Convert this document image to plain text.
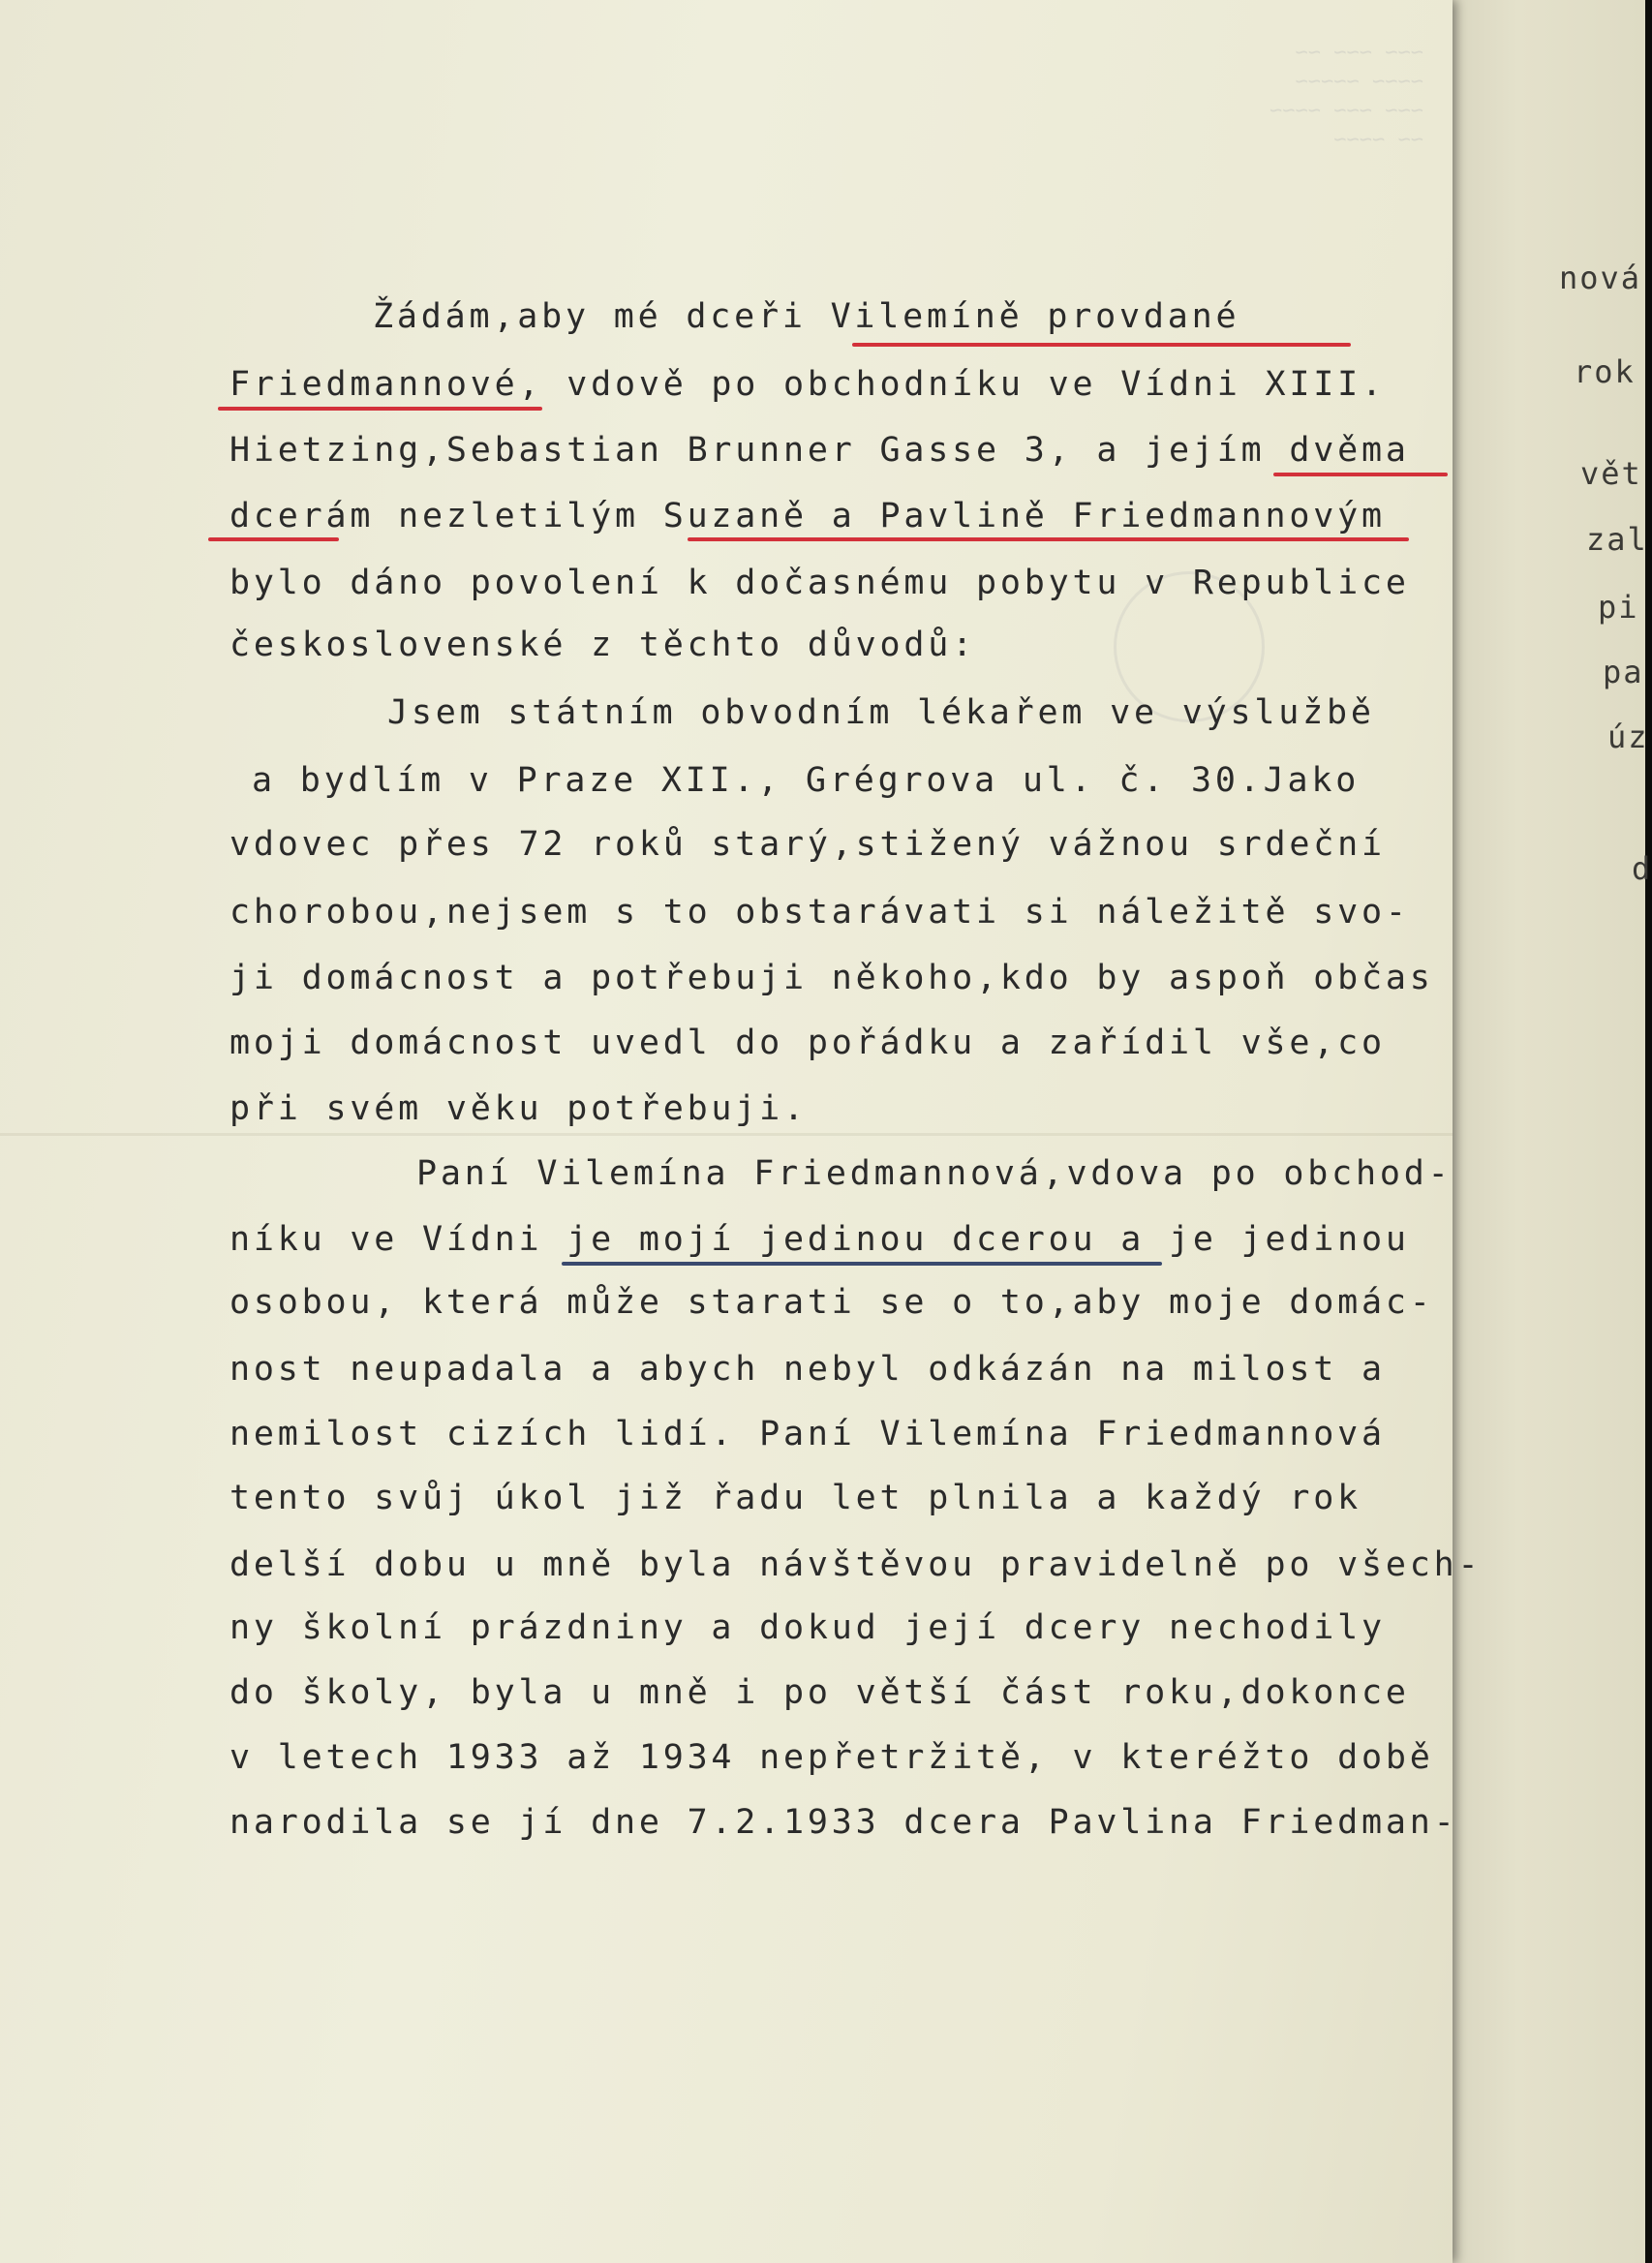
nová
rok
vět
zal
pi
pa
úz
d
~~~ ~~~ ~~
~~~~ ~~~~~
~~~ ~~~ ~~~~
~~ ~~~~
Žádám,aby mé dceři Vilemíně provdané
Friedmannové, vdově po obchodníku ve Vídni XIII.
Hietzing,Sebastian Brunner Gasse 3, a jejím dvěma
dcerám nezletilým Suzaně a Pavlině Friedmannovým
bylo dáno povolení k dočasnému pobytu v Republice
československé z těchto důvodů:
Jsem státním obvodním lékařem ve výslužbě
a bydlím v Praze XII., Grégrova ul. č. 30.Jako
vdovec přes 72 roků starý,stižený vážnou srdeční
chorobou,nejsem s to obstarávati si náležitě svo-
ji domácnost a potřebuji někoho,kdo by aspoň občas
moji domácnost uvedl do pořádku a zařídil vše,co
při svém věku potřebuji.
Paní Vilemína Friedmannová,vdova po obchod-
níku ve Vídni je mojí jedinou dcerou a je jedinou
osobou, která může starati se o to,aby moje domác-
nost neupadala a abych nebyl odkázán na milost a
nemilost cizích lidí. Paní Vilemína Friedmannová
tento svůj úkol již řadu let plnila a každý rok
delší dobu u mně byla návštěvou pravidelně po všech-
ny školní prázdniny a dokud její dcery nechodily
do školy, byla u mně i po větší část roku,dokonce
v letech 1933 až 1934 nepřetržitě, v kteréžto době
narodila se jí dne 7.2.1933 dcera Pavlina Friedman-
